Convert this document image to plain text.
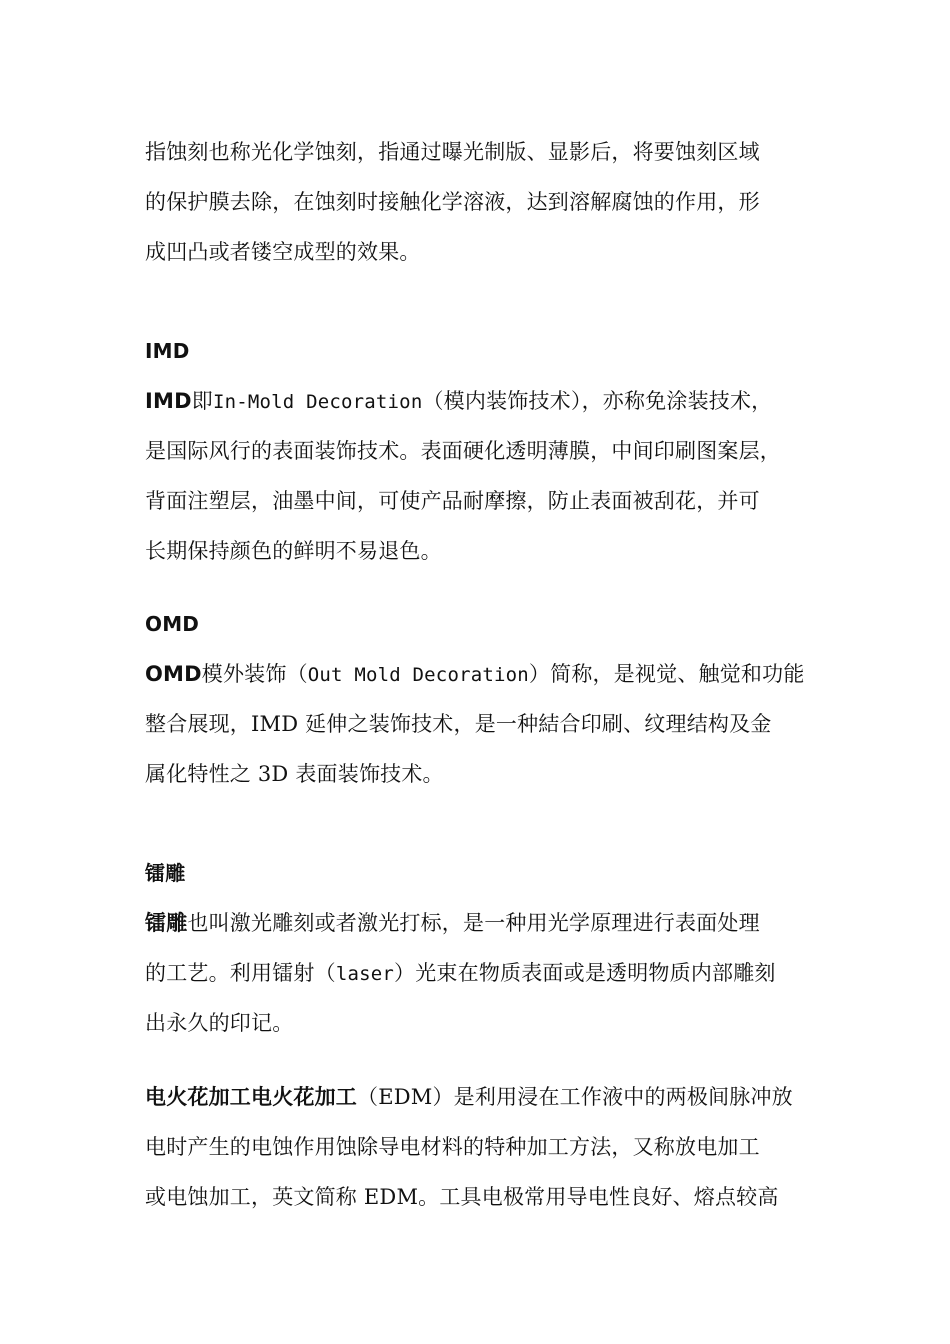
指蚀刻也称光化学蚀刻，指通过曝光制版、显影后，将要蚀刻区域
的保护膜去除，在蚀刻时接触化学溶液，达到溶解腐蚀的作用，形
成凹凸或者镂空成型的效果。
IMD
IMD即In-Mold Decoration（模内装饰技术），亦称免涂装技术，
是国际风行的表面装饰技术。表面硬化透明薄膜，中间印刷图案层，
背面注塑层，油墨中间，可使产品耐摩擦，防止表面被刮花，并可
长期保持颜色的鲜明不易退色。
OMD
OMD模外装饰（Out Mold Decoration）简称，是视觉、触觉和功能
整合展现，IMD 延伸之装饰技术，是一种結合印刷、纹理结构及金
属化特性之 3D 表面装饰技术。
镭雕
镭雕也叫激光雕刻或者激光打标，是一种用光学原理进行表面处理
的工艺。利用镭射（laser）光束在物质表面或是透明物质内部雕刻
出永久的印记。
电火花加工电火花加工（EDM）是利用浸在工作液中的两极间脉冲放
电时产生的电蚀作用蚀除导电材料的特种加工方法，又称放电加工
或电蚀加工，英文简称 EDM。工具电极常用导电性良好、熔点较高
